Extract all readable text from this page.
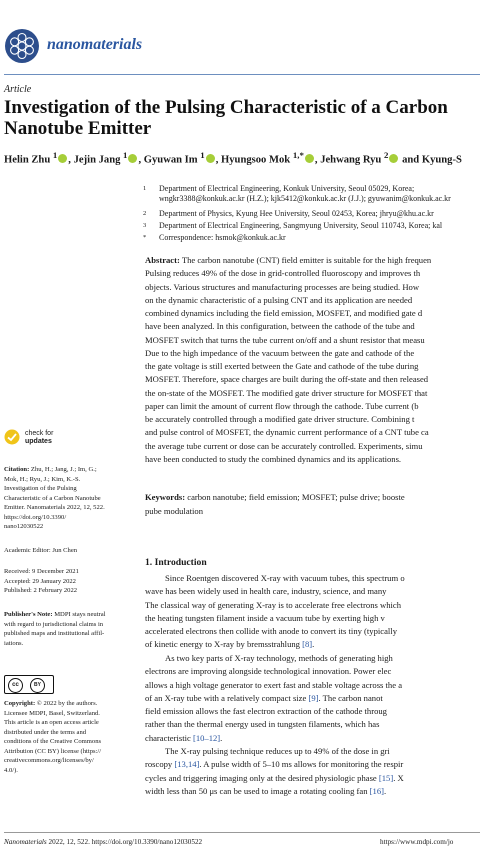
nanomaterials
Article
Investigation of the Pulsing Characteristic of a Carbon
Nanotube Emitter
Helin Zhu $^1$ , Jejin Jang $^1$ , Gyuwan Im $^1$ , Hyungsoo Mok $^{1,*}$ , Jehwang Ryu $^2$ and Kyung-S
1 Department of Electrical Engineering, Konkuk University, Seoul 05029, Korea;
wngkr3388@konkuk.ac.kr (H.Z.); kjk5412@konkuk.ac.kr (J.J.); gyuwanim@konkuk.ac.kr
2 Department of Physics, Kyung Hee University, Seoul 02453, Korea; jhryu@khu.ac.kr
3 Department of Electrical Engineering, Sangmyung University, Seoul 110743, Korea; kal
* Correspondence: hsmok@konkuk.ac.kr

Abstract: The carbon nanotube (CNT) field emitter is suitable for the high frequen

Pulsing reduces 49% of the dose in grid-controlled fluoroscopy and improves th

objects. Various structures and manufacturing processes are being studied. How

on the dynamic characteristic of a pulsing CNT and its application are needed

combined dynamics including the field emission, MOSFET, and modified gate d

have been analyzed. In this configuration, between the cathode of the tube and

MOSFET switch that turns the tube current on/off and a shunt resistor that measu

Due to the high impedance of the vacuum between the gate and cathode of the

the gate voltage is still exerted between the Gate and cathode of the tube during

MOSFET. Therefore, space charges are built during the off-state and then released

the on-state of the MOSFET. The modified gate driver structure for MOSFET that

paper can limit the amount of current flow through the cathode. Tube current (b

be accurately controlled through a modified gate driver structure. Combining t

and pulse control of MOSFET, the dynamic current performance of a CNT tube ca

the average tube current or dose can be accurately controlled. Experiments, simu

have been conducted to study the combined dynamics and its applications.

Keywords: carbon nanotube; field emission; MOSFET; pulse drive; booste
pube modulation
check for
updates
Citation: Zhu, H.; Jang, J.; Im, G.;
Mok, H.; Ryu, J.; Kim, K.-S.
Investigation of the Pulsing
Characteristic of a Carbon Nanotube
Emitter. Nanomaterials 2022, 12, 522.
https://doi.org/10.3390/
nano12030522
Academic Editor: Jun Chen
Received: 9 December 2021
Accepted: 29 January 2022
Published: 2 February 2022
Publisher's Note: MDPI stays neutral
with regard to jurisdictional claims in
published maps and institutional affil-
iations.
cc	BY
Copyright: © 2022 by the authors.
Licensee MDPI, Basel, Switzerland.
This article is an open access article
distributed under the terms and
conditions of the Creative Commons
Attribution (CC BY) license (https://
creativecommons.org/licenses/by/
4.0/).
1. Introduction

Since Roentgen discovered X-ray with vacuum tubes, this spectrum o

wave has been widely used in health care, industry, science, and many

The classical way of generating X-ray is to accelerate free electrons which

the heating tungsten filament inside a vacuum tube by exerting high v

accelerated electrons then collide with anode to convert its tiny (typically

of kinetic energy to X-ray by bremsstrahlung [8].

As two key parts of X-ray technology, methods of generating high

electrons are improving alongside technological innovation. Power elec

allows a high voltage generator to exert fast and stable voltage across the a

of an X-ray tube with a relatively compact size [9]. The carbon nanot

field emission allows the fast electron extraction of the cathode throug

rather than the thermal energy used in tungsten filaments, which has

characteristic [10–12].

The X-ray pulsing technique reduces up to 49% of the dose in gri

roscopy [13,14]. A pulse width of 5–10 ms allows for monitoring the respir

cycles and triggering imaging only at the desired physiologic phase [15]. X

width less than 50 μs can be used to image a rotating cooling fan [16].

Nanomaterials 2022, 12, 522. https://doi.org/10.3390/nano12030522	https://www.mdpi.com/jo
